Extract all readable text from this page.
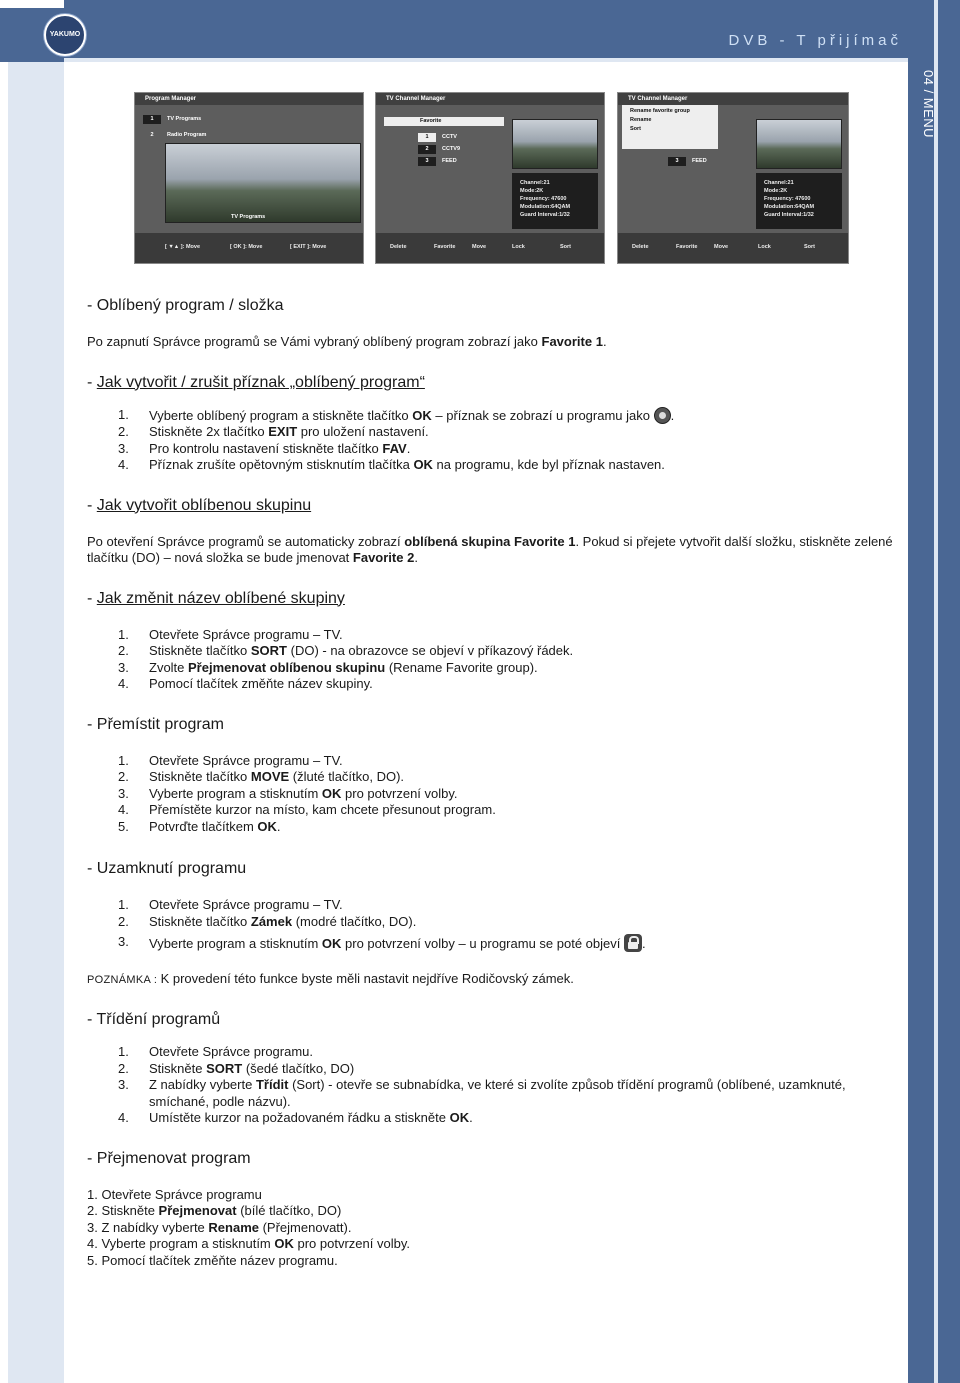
YAKUMO	DVB - T přijímač
04 / MENU
Program Manager
1 TV Programs
2 Radio Program
TV Programs
[ ▼▲ ]: Move	[ OK ]: Move	[ EXIT ]: Move
TV Channel Manager
Favorite
1 CCTV
2 CCTV9
3 FEED
Channel:21
Mode:2K
Frequency: 47600
Modulation:64QAM
Guard Interval:1/32
Delete	Favorite	Move	Lock	Sort
TV Channel Manager
Rename favorite group
Rename
Sort
3 FEED
Channel:21
Mode:2K
Frequency: 47600
Modulation:64QAM
Guard Interval:1/32
Delete	Favorite	Move	Lock	Sort
- Oblíbený program / složka

Po zapnutí Správce programů se Vámi vybraný oblíbený program zobrazí jako Favorite 1.

- Jak vytvořit / zrušit příznak „oblíbený program“
1. Vyberte oblíbený program a stiskněte tlačítko OK – příznak se zobrazí u programu jako .
2. Stiskněte 2x tlačítko EXIT pro uložení nastavení.
3. Pro kontrolu nastavení stiskněte tlačítko FAV.
4. Příznak zrušíte opětovným stisknutím tlačítka OK na programu, kde byl příznak nastaven.
- Jak vytvořit oblíbenou skupinu

Po otevření Správce programů se automaticky zobrazí oblíbená skupina Favorite 1. Pokud si přejete vytvořit další složku, stiskněte zelené tlačítku (DO) – nová složka se bude jmenovat Favorite 2.

- Jak změnit název oblíbené skupiny
1. Otevřete Správce programu – TV.
2. Stiskněte tlačítko SORT (DO) - na obrazovce se objeví v příkazový řádek.
3. Zvolte Přejmenovat oblíbenou skupinu (Rename Favorite group).
4. Pomocí tlačítek změňte název skupiny.
- Přemístit program
1. Otevřete Správce programu – TV.
2. Stiskněte tlačítko MOVE (žluté tlačítko, DO).
3. Vyberte program a stisknutím OK pro potvrzení volby.
4. Přemístěte kurzor na místo, kam chcete přesunout program.
5. Potvrďte tlačítkem OK.
- Uzamknutí programu
1. Otevřete Správce programu – TV.
2. Stiskněte tlačítko Zámek (modré tlačítko, DO).
3. Vyberte program a stisknutím OK pro potvrzení volby – u programu se poté objeví .

POZNÁMKA : K provedení této funkce byste měli nastavit nejdříve Rodičovský zámek.

- Třídění programů
1. Otevřete Správce programu.
2. Stiskněte SORT (šedé tlačítko, DO)
3. Z nabídky vyberte Třídit (Sort) - otevře se subnabídka, ve které si zvolíte způsob třídění programů (oblíbené, uzamknuté, smíchané, podle názvu).
4. Umístěte kurzor na požadovaném řádku a stiskněte OK.
- Přejmenovat program
1. Otevřete Správce programu
2. Stiskněte Přejmenovat (bílé tlačítko, DO)
3. Z nabídky vyberte Rename (Přejmenovatt).
4. Vyberte program a stisknutím OK pro potvrzení volby.
5. Pomocí tlačítek změňte název programu.
